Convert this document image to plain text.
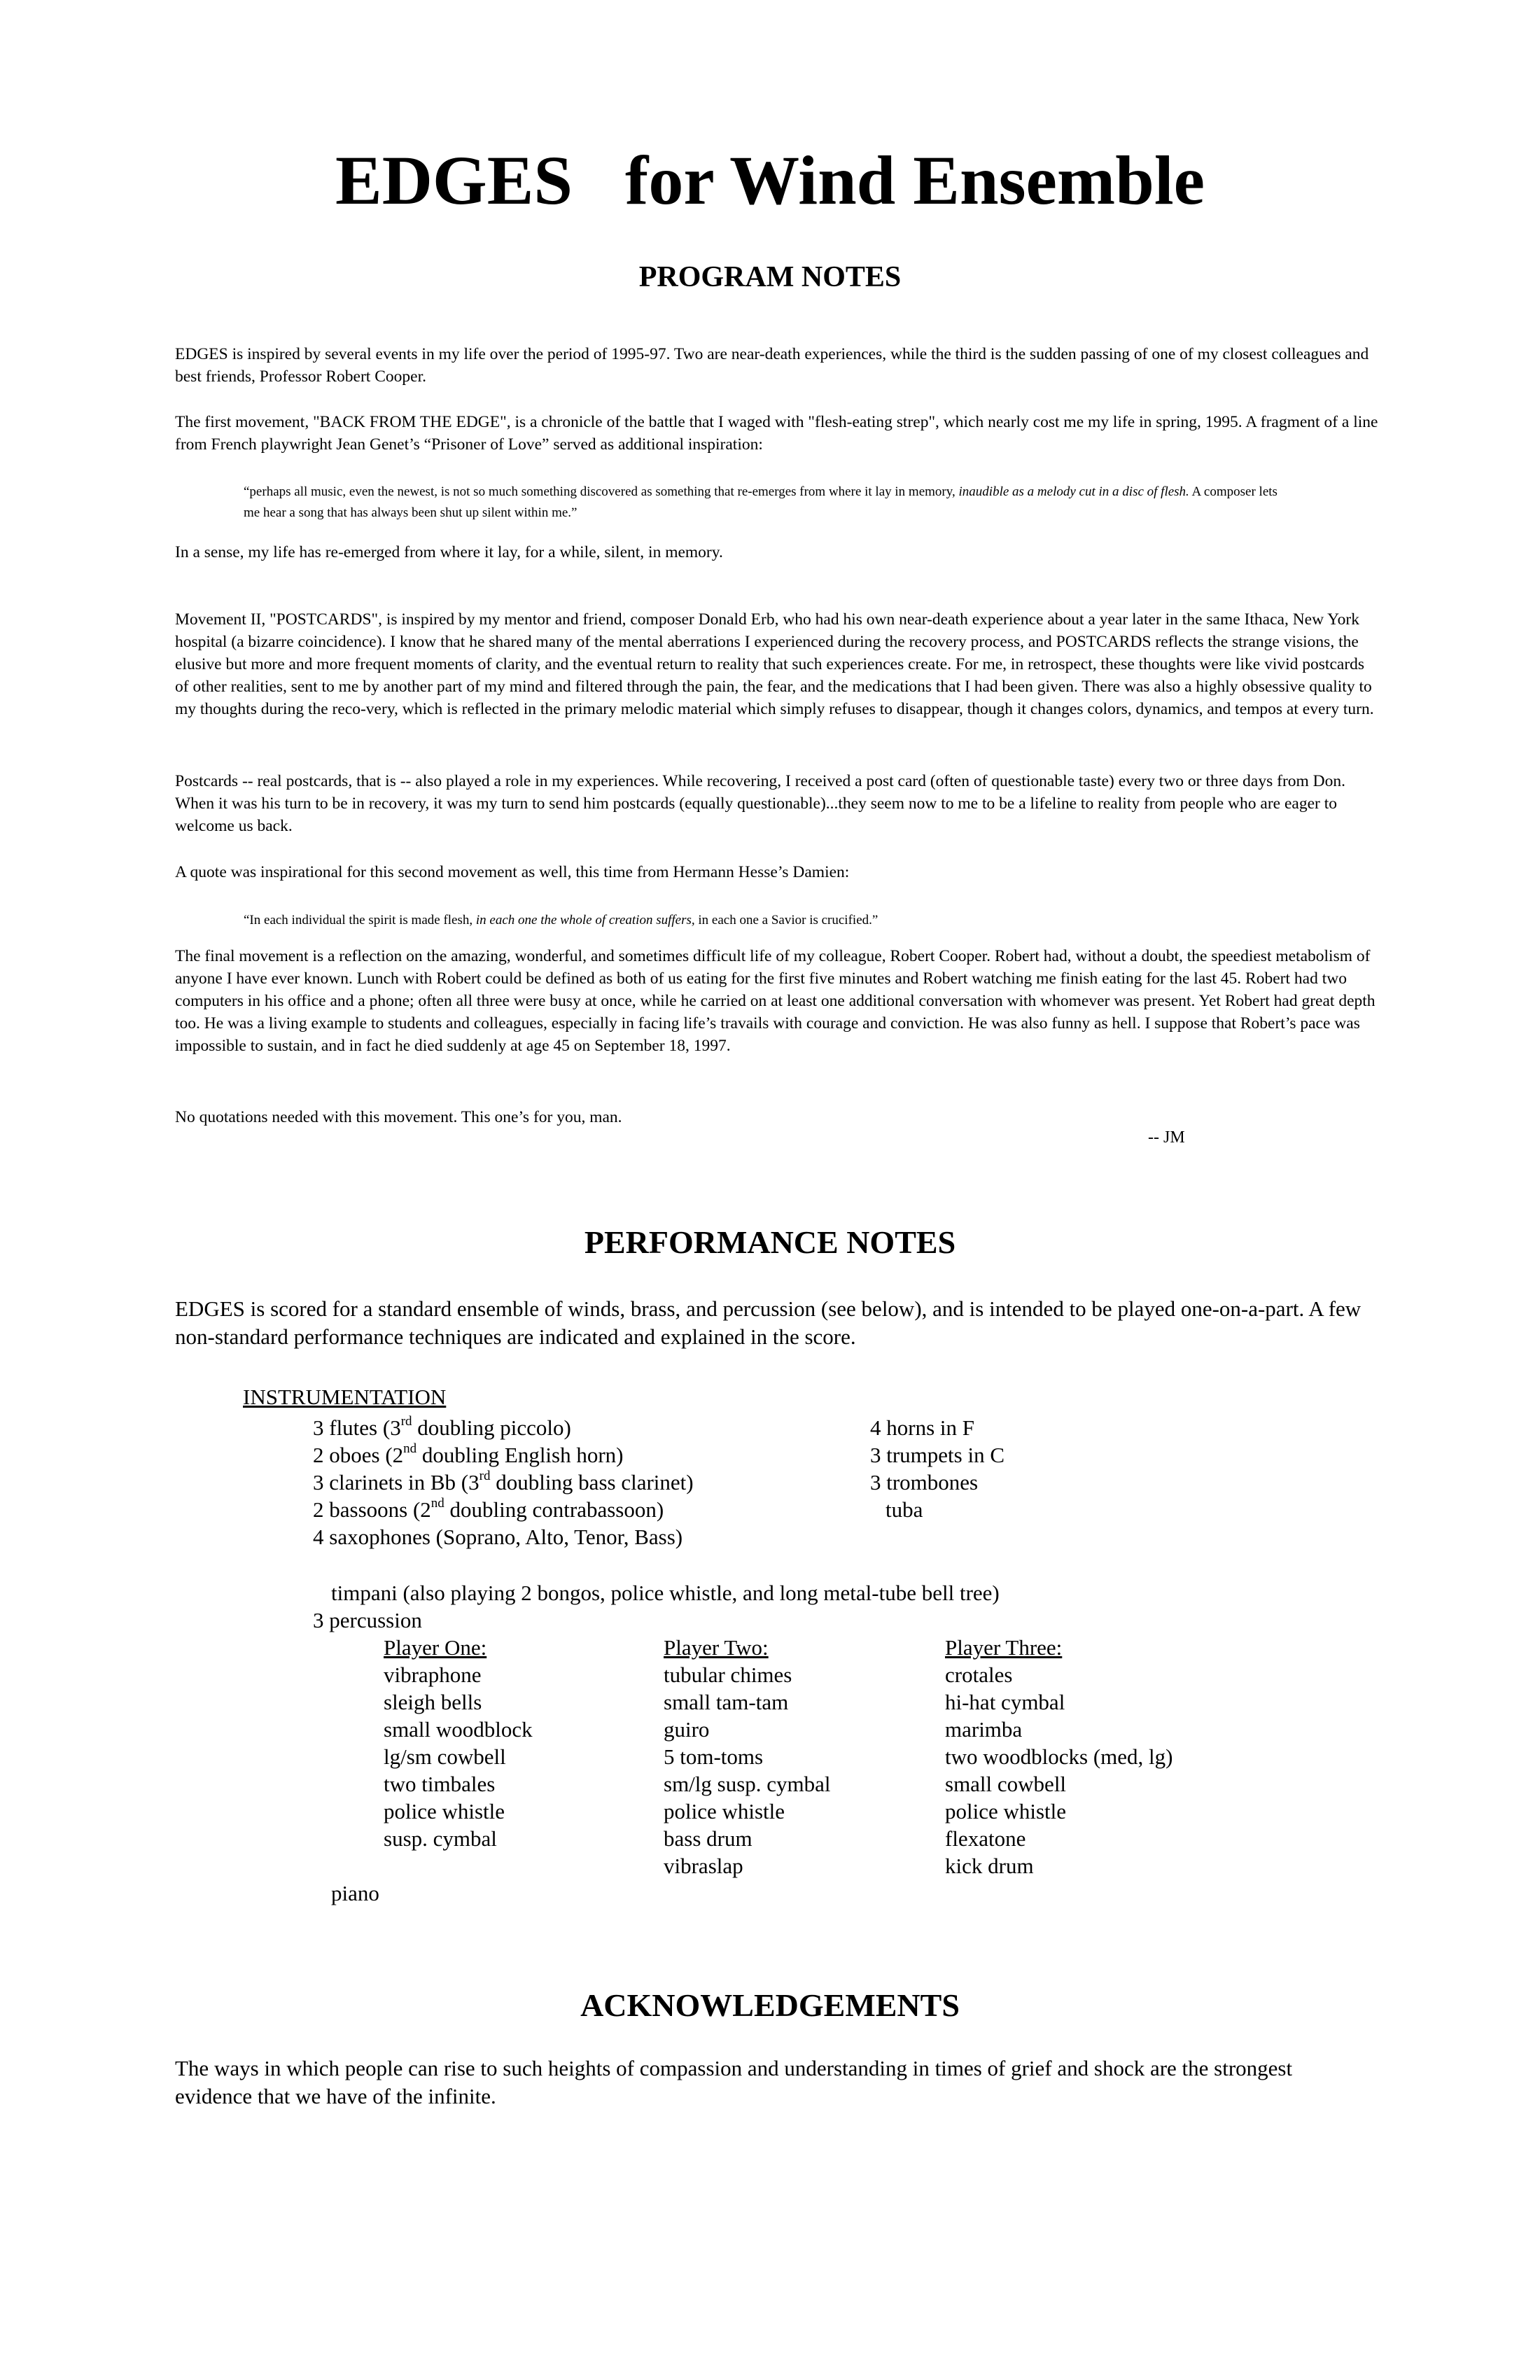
EDGES   for Wind Ensemble
PROGRAM NOTES

EDGES is inspired by several events in my life over the period of 1995-97. Two are near-death experiences, while the third is the sudden passing of one of my closest colleagues and best friends, Professor Robert Cooper.

The first movement, "BACK FROM THE EDGE", is a chronicle of the battle that I waged with "flesh-eating strep", which nearly cost me my life in spring, 1995. A fragment of a line from French playwright Jean Genet’s “Prisoner of Love” served as additional inspiration:

“perhaps all music, even the newest, is not so much something discovered as something that re-emerges from where it lay in memory, inaudible as a melody cut in a disc of flesh. A composer lets me hear a song that has always been shut up silent within me.”

In a sense, my life has re-emerged from where it lay, for a while, silent, in memory.

Movement II, "POSTCARDS", is inspired by my mentor and friend, composer Donald Erb, who had his own near-death experience about a year later in the same Ithaca, New York hospital (a bizarre coincidence). I know that he shared many of the mental aberrations I experienced during the recovery process, and POSTCARDS reflects the strange visions, the elusive but more and more frequent moments of clarity, and the eventual return to reality that such experiences create. For me, in retrospect, these thoughts were like vivid postcards of other realities, sent to me by another part of my mind and filtered through the pain, the fear, and the medications that I had been given. There was also a highly obsessive quality to my thoughts during the reco-very, which is reflected in the primary melodic material which simply refuses to disappear, though it changes colors, dynamics, and tempos at every turn.

Postcards -- real postcards, that is -- also played a role in my experiences. While recovering, I received a post card (often of questionable taste) every two or three days from Don. When it was his turn to be in recovery, it was my turn to send him postcards (equally questionable)...they seem now to me to be a lifeline to reality from people who are eager to welcome us back.

A quote was inspirational for this second movement as well, this time from Hermann Hesse’s Damien:

“In each individual the spirit is made flesh, in each one the whole of creation suffers, in each one a Savior is crucified.”

The final movement is a reflection on the amazing, wonderful, and sometimes difficult life of my colleague, Robert Cooper. Robert had, without a doubt, the speediest metabolism of anyone I have ever known. Lunch with Robert could be defined as both of us eating for the first five minutes and Robert watching me finish eating for the last 45. Robert had two computers in his office and a phone; often all three were busy at once, while he carried on at least one additional conversation with whomever was present. Yet Robert had great depth too. He was a living example to students and colleagues, especially in facing life’s travails with courage and conviction. He was also funny as hell. I suppose that Robert’s pace was impossible to sustain, and in fact he died suddenly at age 45 on September 18, 1997.

No quotations needed with this movement. This one’s for you, man.

-- JM

PERFORMANCE NOTES

EDGES is scored for a standard ensemble of winds, brass, and percussion (see below), and is intended to be played one-on-a-part. A few non-standard performance techniques are indicated and explained in the score.

INSTRUMENTATION
3 flutes (3rd doubling piccolo)
2 oboes (2nd doubling English horn)
3 clarinets in Bb (3rd doubling bass clarinet)
2 bassoons (2nd doubling contrabassoon)
4 saxophones (Soprano, Alto, Tenor, Bass)
4 horns in F
3 trumpets in C
3 trombones
tuba
timpani (also playing 2 bongos, police whistle, and long metal-tube bell tree)
3 percussion
Player One:
vibraphone
sleigh bells
small woodblock
lg/sm cowbell
two timbales
police whistle
susp. cymbal
Player Two:
tubular chimes
small tam-tam
guiro
5 tom-toms
sm/lg susp. cymbal
police whistle
bass drum
vibraslap
Player Three:
crotales
hi-hat cymbal
marimba
two woodblocks (med, lg)
small cowbell
police whistle
flexatone
kick drum
piano
ACKNOWLEDGEMENTS

The ways in which people can rise to such heights of compassion and understanding in times of grief and shock are the strongest evidence that we have of the infinite.
